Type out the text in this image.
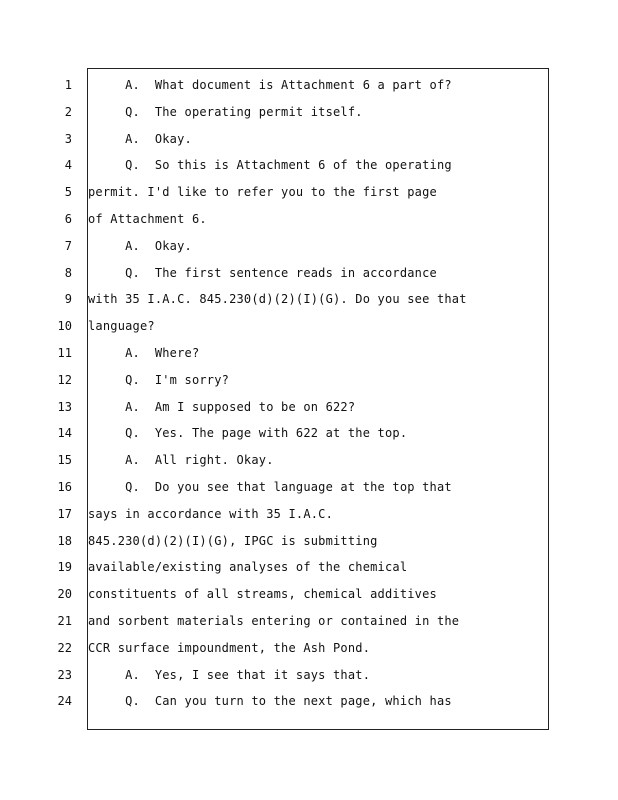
1 A.  What document is Attachment 6 a part of?
2 Q.  The operating permit itself.
3 A.  Okay.
4 Q.  So this is Attachment 6 of the operating
5 permit. I'd like to refer you to the first page
6 of Attachment 6.
7 A.  Okay.
8 Q.  The first sentence reads in accordance
9 with 35 I.A.C. 845.230(d)(2)(I)(G). Do you see that
10 language?
11 A.  Where?
12 Q.  I'm sorry?
13 A.  Am I supposed to be on 622?
14 Q.  Yes. The page with 622 at the top.
15 A.  All right. Okay.
16 Q.  Do you see that language at the top that
17 says in accordance with 35 I.A.C.
18 845.230(d)(2)(I)(G), IPGC is submitting
19 available/existing analyses of the chemical
20 constituents of all streams, chemical additives
21 and sorbent materials entering or contained in the
22 CCR surface impoundment, the Ash Pond.
23 A.  Yes, I see that it says that.
24 Q.  Can you turn to the next page, which has
